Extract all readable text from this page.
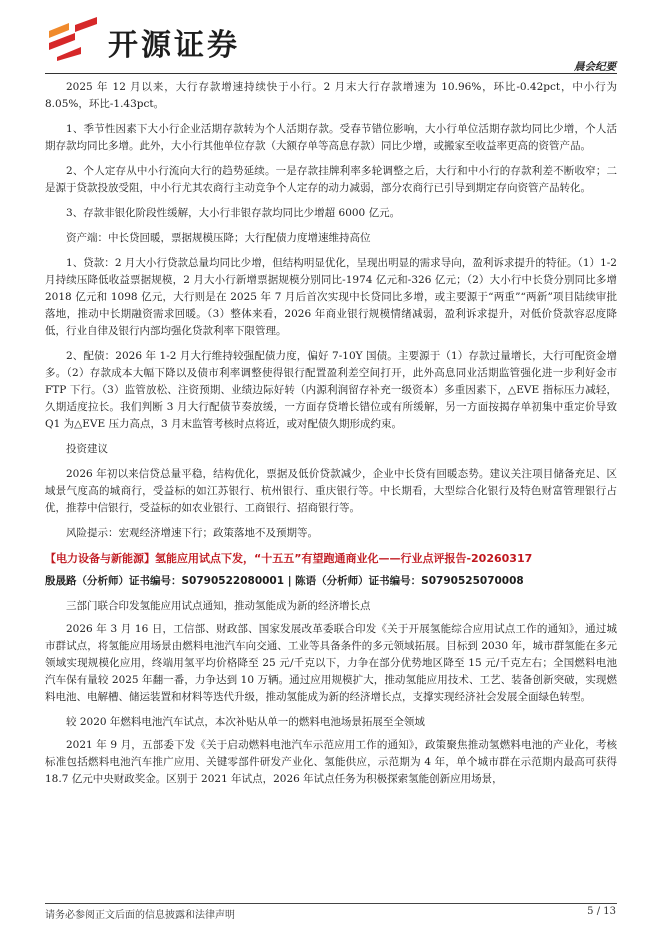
开源证券
晨会纪要

2025 年 12 月以来，大行存款增速持续快于小行。2 月末大行存款增速为 10.96%，环比-0.42pct，中小行为 8.05%，环比-1.43pct。

1、季节性因素下大小行企业活期存款转为个人活期存款。受春节错位影响，大小行单位活期存款均同比少增，个人活期存款均同比多增。此外，大小行其他单位存款（大额存单等高息存款）同比少增，或搬家至收益率更高的资管产品。

2、个人定存从中小行流向大行的趋势延续。一是存款挂牌利率多轮调整之后，大行和中小行的存款利差不断收窄；二是源于贷款投放受阻，中小行尤其农商行主动竞争个人定存的动力减弱，部分农商行已引导到期定存向资管产品转化。

3、存款非银化阶段性缓解，大小行非银存款均同比少增超 6000 亿元。

资产端：中长贷回暖，票据规模压降；大行配债力度增速维持高位

1、贷款：2 月大小行贷款总量均同比少增，但结构明显优化，呈现出明显的需求导向，盈利诉求提升的特征。（1）1-2 月持续压降低收益票据规模，2 月大小行新增票据规模分别同比-1974 亿元和-326 亿元；（2）大小行中长贷分别同比多增 2018 亿元和 1098 亿元，大行则是在 2025 年 7 月后首次实现中长贷同比多增，或主要源于“两重”“两新”项目陆续审批落地，推动中长期融资需求回暖。（3）整体来看，2026 年商业银行规模情绪减弱，盈利诉求提升，对低价贷款容忍度降低，行业自律及银行内部均强化贷款利率下限管理。

2、配债：2026 年 1-2 月大行维持较强配债力度，偏好 7-10Y 国债。主要源于（1）存款过量增长，大行可配资金增多。（2）存款成本大幅下降以及债市利率调整使得银行配置盈利差空间打开，此外高息同业活期监管强化进一步利好金市 FTP 下行。（3）监管放松、注资预期、业绩边际好转（内源利润留存补充一级资本）多重因素下，△EVE 指标压力减轻，久期适度拉长。我们判断 3 月大行配债节奏放缓，一方面存贷增长错位或有所缓解，另一方面按揭存单初集中重定价导致 Q1 为△EVE 压力高点，3 月末监管考核时点将近，或对配债久期形成约束。

投资建议

2026 年初以来信贷总量平稳，结构优化，票据及低价贷款减少，企业中长贷有回暖态势。建议关注项目储备充足、区域景气度高的城商行，受益标的如江苏银行、杭州银行、重庆银行等。中长期看，大型综合化银行及特色财富管理银行占优，推荐中信银行，受益标的如农业银行、工商银行、招商银行等。

风险提示：宏观经济增速下行；政策落地不及预期等。

【电力设备与新能源】氢能应用试点下发，“十五五”有望跑通商业化——行业点评报告-20260317
殷晟路（分析师）证书编号：S0790522080001 | 陈语（分析师）证书编号：S0790525070008

三部门联合印发氢能应用试点通知，推动氢能成为新的经济增长点

2026 年 3 月 16 日，工信部、财政部、国家发展改革委联合印发《关于开展氢能综合应用试点工作的通知》，通过城市群试点，将氢能应用场景由燃料电池汽车向交通、工业等具备条件的多元领域拓展。目标到 2030 年，城市群氢能在多元领域实现规模化应用，终端用氢平均价格降至 25 元/千克以下，力争在部分优势地区降至 15 元/千克左右；全国燃料电池汽车保有量较 2025 年翻一番，力争达到 10 万辆。通过应用规模扩大，推动氢能应用技术、工艺、装备创新突破，实现燃料电池、电解槽、储运装置和材料等迭代升级，推动氢能成为新的经济增长点，支撑实现经济社会发展全面绿色转型。

较 2020 年燃料电池汽车试点，本次补贴从单一的燃料电池场景拓展至全领域

2021 年 9 月，五部委下发《关于启动燃料电池汽车示范应用工作的通知》，政策聚焦推动氢燃料电池的产业化，考核标准包括燃料电池汽车推广应用、关键零部件研发产业化、氢能供应，示范期为 4 年，单个城市群在示范期内最高可获得 18.7 亿元中央财政奖金。区别于 2021 年试点，2026 年试点任务为积极探索氢能创新应用场景，

请务必参阅正文后面的信息披露和法律声明	5 / 13
